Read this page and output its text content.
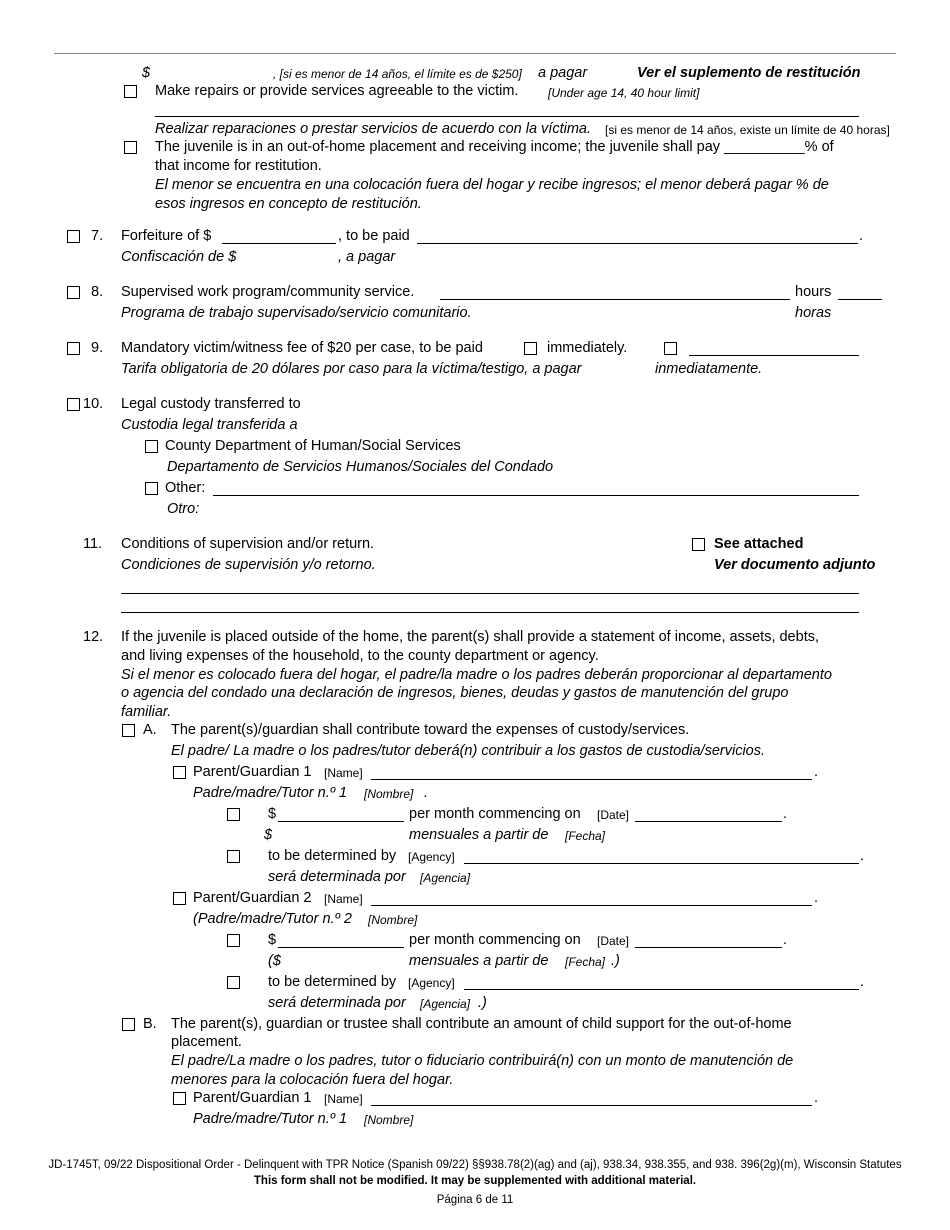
$	, [si es menor de 14 años, el límite es de $250] a pagar	Ver el suplemento de restitución
Make repairs or provide services agreeable to the victim. [Under age 14, 40 hour limit]
Realizar reparaciones o prestar servicios de acuerdo con la víctima. [si es menor de 14 años, existe un límite de 40 horas]
The juvenile is in an out-of-home placement and receiving income; the juvenile shall pay __________% of
that income for restitution.
El menor se encuentra en una colocación fuera del hogar y recibe ingresos; el menor deberá pagar % de
esos ingresos en concepto de restitución.
7. Forfeiture of $	, to be paid	.
Confiscación de $	, a pagar
8. Supervised work program/community service.	hours
Programa de trabajo supervisado/servicio comunitario.	horas
9. Mandatory victim/witness fee of $20 per case, to be paid	immediately.
Tarifa obligatoria de 20 dólares por caso para la víctima/testigo, a pagar	inmediatamente.
10. Legal custody transferred to
Custodia legal transferida a
County Department of Human/Social Services
Departamento de Servicios Humanos/Sociales del Condado
Other:
Otro:
11. Conditions of supervision and/or return.
Condiciones de supervisión y/o retorno.
See attached
Ver documento adjunto
12. If the juvenile is placed outside of the home, the parent(s) shall provide a statement of income, assets, debts,
and living expenses of the household, to the county department or agency.
Si el menor es colocado fuera del hogar, el padre/la madre o los padres deberán proporcionar al departamento
o agencia del condado una declaración de ingresos, bienes, deudas y gastos de manutención del grupo
familiar.
A. The parent(s)/guardian shall contribute toward the expenses of custody/services.
El padre/ La madre o los padres/tutor deberá(n) contribuir a los gastos de custodia/servicios.
Parent/Guardian 1 [Name]	.
Padre/madre/Tutor n.º 1 [Nombre] .
$	per month commencing on [Date]	.
$	mensuales a partir de [Fecha]
to be determined by [Agency]	.
será determinada por [Agencia]
Parent/Guardian 2 [Name]	.
(Padre/madre/Tutor n.º 2 [Nombre]
$	per month commencing on [Date]	.
($	mensuales a partir de [Fecha] .)
to be determined by [Agency]	.
será determinada por [Agencia] .)
B. The parent(s), guardian or trustee shall contribute an amount of child support for the out-of-home
placement.
El padre/La madre o los padres, tutor o fiduciario contribuirá(n) con un monto de manutención de
menores para la colocación fuera del hogar.
Parent/Guardian 1 [Name]	.
Padre/madre/Tutor n.º 1 [Nombre]
JD-1745T, 09/22 Dispositional Order - Delinquent with TPR Notice (Spanish 09/22) §§938.78(2)(ag) and (aj), 938.34, 938.355, and 938. 396(2g)(m), Wisconsin Statutes
This form shall not be modified. It may be supplemented with additional material.
Página 6 de 11
